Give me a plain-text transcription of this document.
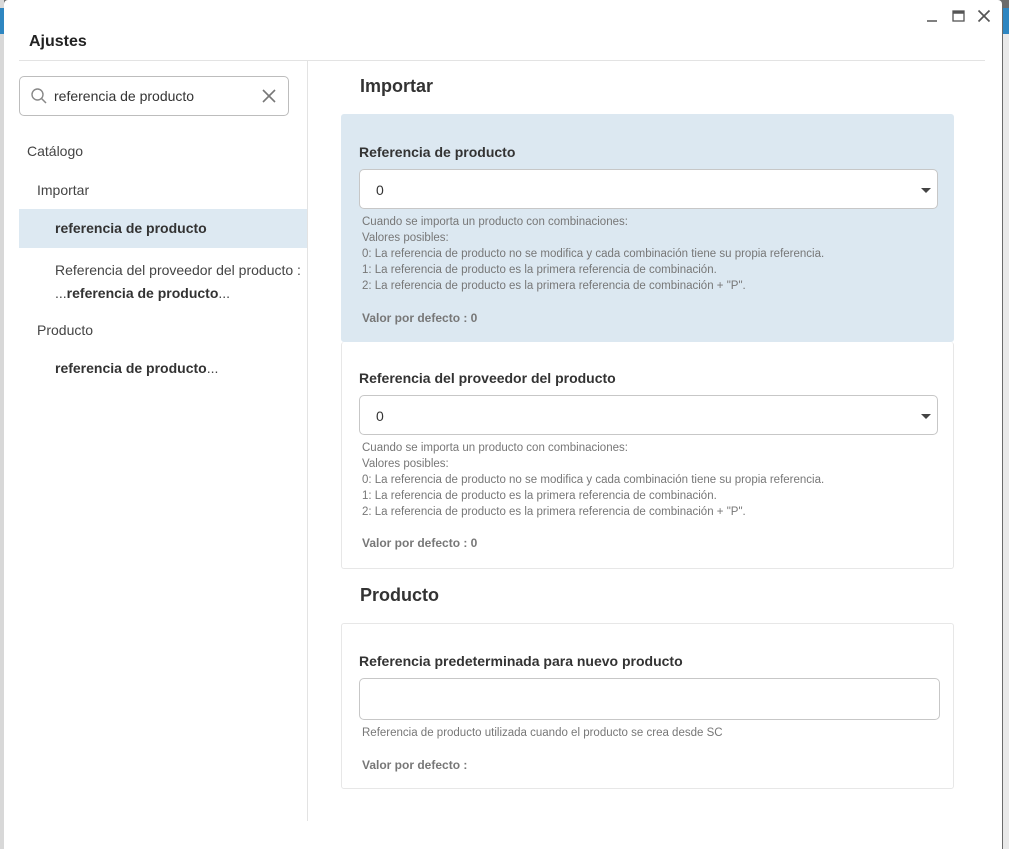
Ajustes
referencia de producto
Catálogo
Importar
referencia de producto
Referencia del proveedor del producto :
...referencia de producto...
Producto
referencia de producto...
Importar
Referencia de producto
0
Cuando se importa un producto con combinaciones:
Valores posibles:
0: La referencia de producto no se modifica y cada combinación tiene su propia referencia.
1: La referencia de producto es la primera referencia de combinación.
2: La referencia de producto es la primera referencia de combinación + "P".
Valor por defecto : 0
Referencia del proveedor del producto
0
Cuando se importa un producto con combinaciones:
Valores posibles:
0: La referencia de producto no se modifica y cada combinación tiene su propia referencia.
1: La referencia de producto es la primera referencia de combinación.
2: La referencia de producto es la primera referencia de combinación + "P".
Valor por defecto : 0
Producto
Referencia predeterminada para nuevo producto
Referencia de producto utilizada cuando el producto se crea desde SC
Valor por defecto :
